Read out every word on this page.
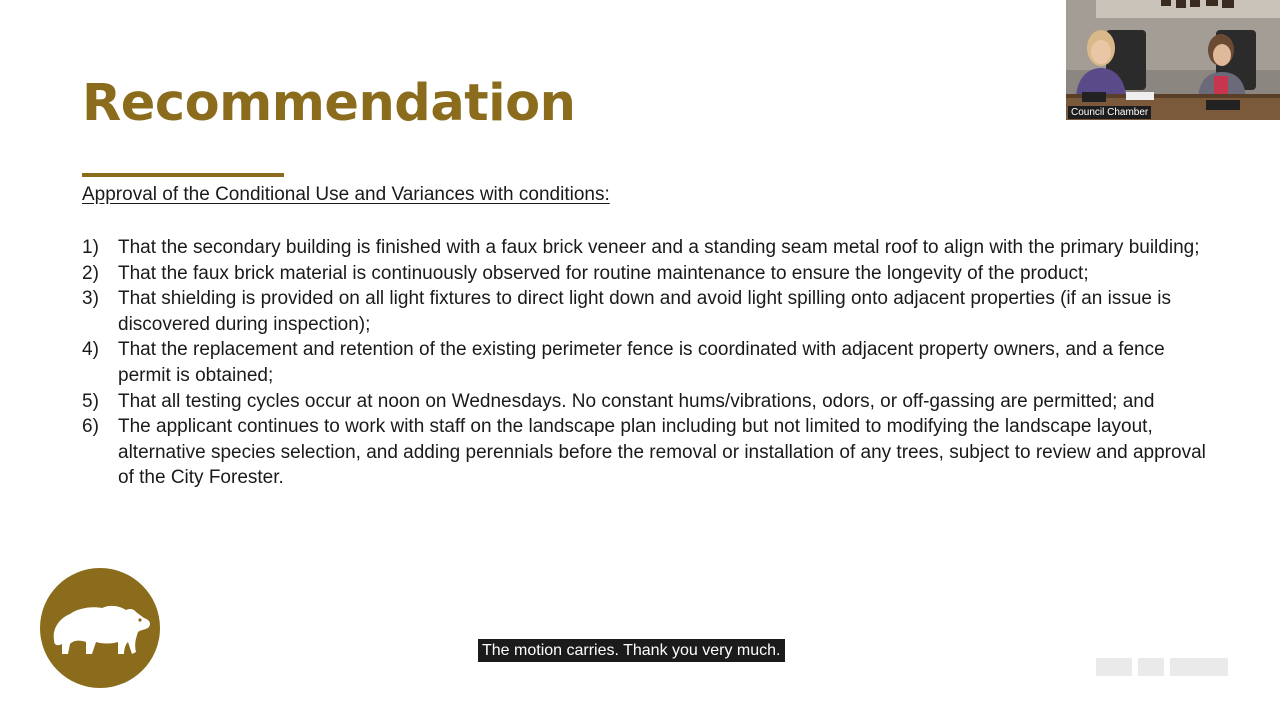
Recommendation
Approval of the Conditional Use and Variances with conditions:
1)	That the secondary building is finished with a faux brick veneer and a standing seam metal roof to align with the primary building;
2)	That the faux brick material is continuously observed for routine maintenance to ensure the longevity of the product;
3)	That shielding is provided on all light fixtures to direct light down and avoid light spilling onto adjacent properties (if an issue is discovered during inspection);
4)	That the replacement and retention of the existing perimeter fence is coordinated with adjacent property owners, and a fence permit is obtained;
5)	That all testing cycles occur at noon on Wednesdays. No constant hums/vibrations, odors, or off-gassing are permitted; and
6)	The applicant continues to work with staff on the landscape plan including but not limited to modifying the landscape layout, alternative species selection, and adding perennials before the removal or installation of any trees, subject to review and approval of the City Forester.
Council Chamber
The motion carries. Thank you very much.
